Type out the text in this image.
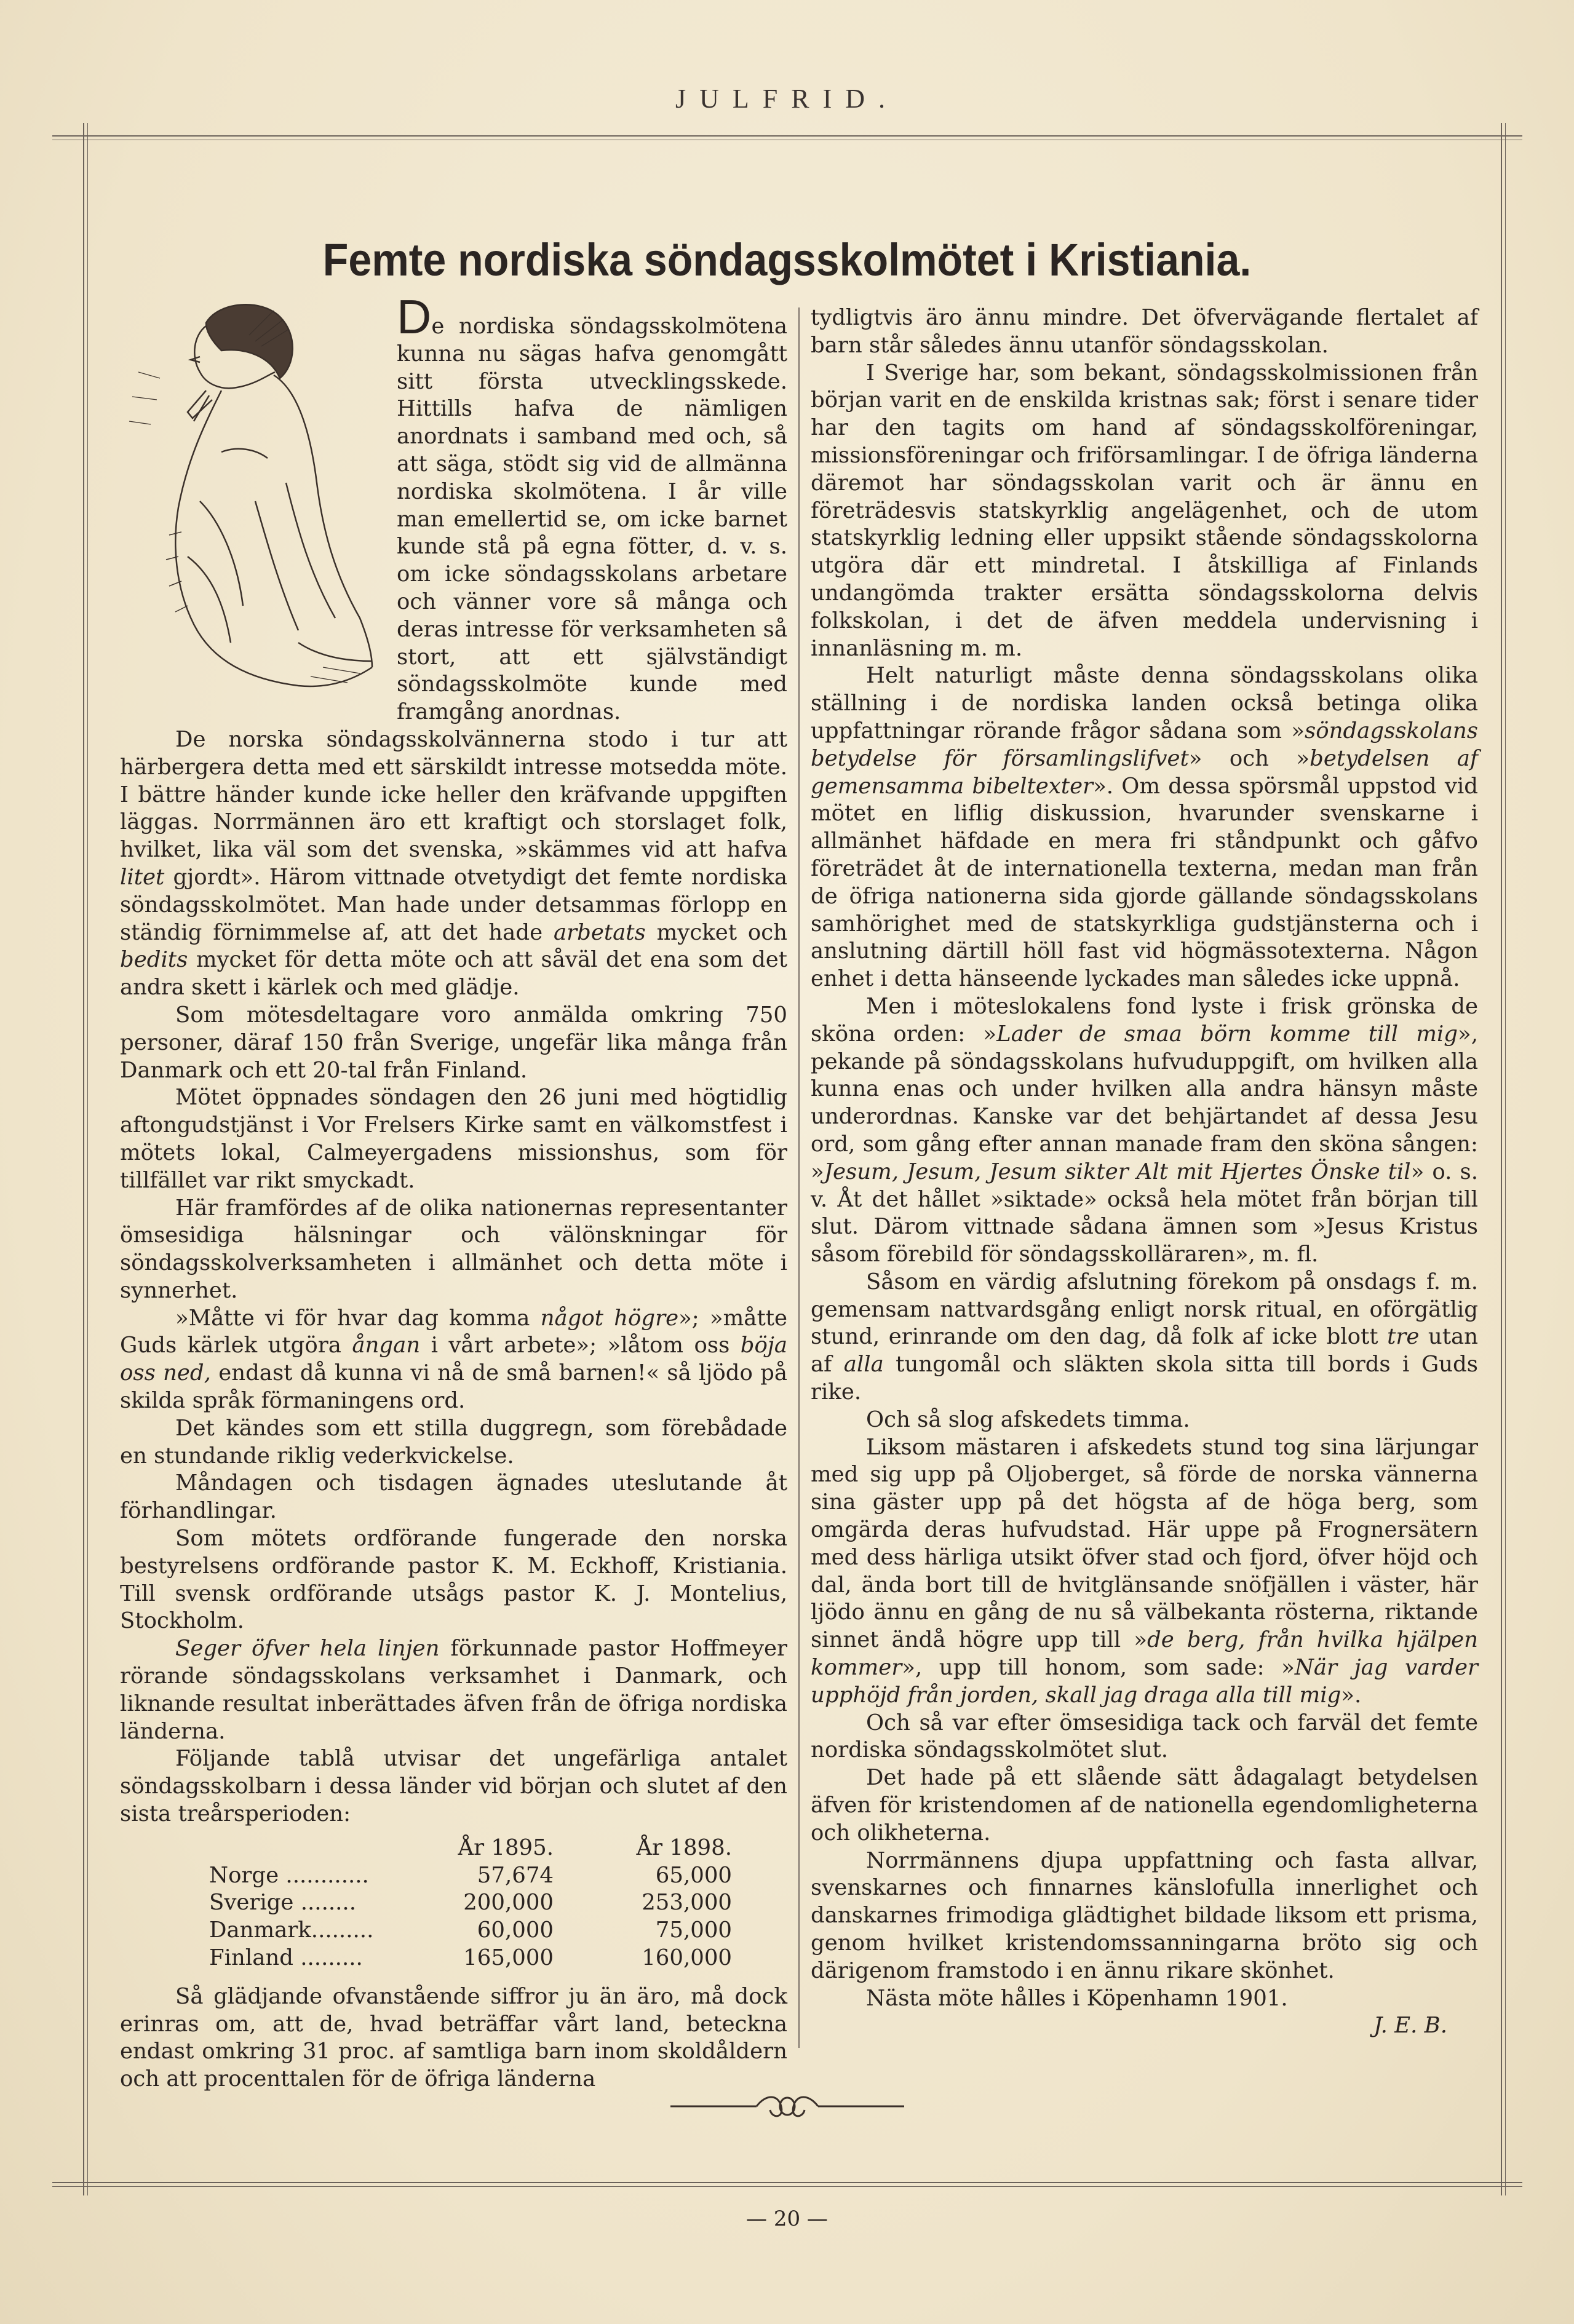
JULFRID.
Femte nordiska söndagsskolmötet i Kristiania.

De nordiska söndagsskolmötena kunna nu sägas hafva genomgått sitt första utvecklingsskede. Hittills hafva de nämligen anordnats i samband med och, så att säga, stödt sig vid de allmänna nordiska skolmötena. I år ville man emellertid se, om icke barnet kunde stå på egna fötter, d. v. s. om icke söndagsskolans arbetare och vänner vore så många och deras intresse för verksamheten så stort, att ett självständigt söndagsskolmöte kunde med framgång anordnas.

De norska söndagsskolvännerna stodo i tur att härbergera detta med ett särskildt intresse motsedda möte. I bättre händer kunde icke heller den kräfvande uppgiften läggas. Norrmännen äro ett kraftigt och storslaget folk, hvilket, lika väl som det svenska, »skämmes vid att hafva litet gjordt». Härom vittnade otvetydigt det femte nordiska söndagsskolmötet. Man hade under detsammas förlopp en ständig förnimmelse af, att det hade arbetats mycket och bedits mycket för detta möte och att såväl det ena som det andra skett i kärlek och med glädje.

Som mötesdeltagare voro anmälda omkring 750 personer, däraf 150 från Sverige, ungefär lika många från Danmark och ett 20-tal från Finland.

Mötet öppnades söndagen den 26 juni med högtidlig aftongudstjänst i Vor Frelsers Kirke samt en välkomstfest i mötets lokal, Calmeyergadens missionshus, som för tillfället var rikt smyckadt.

Här framfördes af de olika nationernas representanter ömsesidiga hälsningar och välönskningar för söndagsskolverksamheten i allmänhet och detta möte i synnerhet.

»Måtte vi för hvar dag komma något högre»; »måtte Guds kärlek utgöra ångan i vårt arbete»; »låtom oss böja oss ned, endast då kunna vi nå de små barnen!« så ljödo på skilda språk förmaningens ord.

Det kändes som ett stilla duggregn, som förebådade en stundande riklig vederkvickelse.

Måndagen och tisdagen ägnades uteslutande åt förhandlingar.

Som mötets ordförande fungerade den norska bestyrelsens ordförande pastor K. M. Eckhoff, Kristiania. Till svensk ordförande utsågs pastor K. J. Montelius, Stockholm.

Seger öfver hela linjen förkunnade pastor Hoffmeyer rörande söndagsskolans verksamhet i Danmark, och liknande resultat inberättades äfven från de öfriga nordiska länderna.

Följande tablå utvisar det ungefärliga antalet söndagsskolbarn i dessa länder vid början och slutet af den sista treårsperioden:

	År 1895.	År 1898.
Norge ............	57,674	65,000
Sverige ........	200,000	253,000
Danmark.........	60,000	75,000
Finland .........	165,000	160,000

Så glädjande ofvanstående siffror ju än äro, må dock erinras om, att de, hvad beträffar vårt land, betеckna endast omkring 31 proc. af samtliga barn inom skoldåldern och att procenttalen för de öfriga länderna

tydligtvis äro ännu mindre. Det öfvervägande flertalet af barn står således ännu utanför söndagsskolan.

I Sverige har, som bekant, söndagsskolmissionen från början varit en de enskilda kristnas sak; först i senare tider har den tagits om hand af söndagsskolföreningar, missionsföreningar och friförsamlingar. I de öfriga länderna däremot har söndagsskolan varit och är ännu en företrädesvis statskyrklig angelägenhet, och de utom statskyrklig ledning eller uppsikt stående söndagsskolorna utgöra där ett mindretal. I åtskilliga af Finlands undangömda trakter ersätta söndagsskolorna delvis folkskolan, i det de äfven meddela undervisning i innanläsning m. m.

Helt naturligt måste denna söndagsskolans olika ställning i de nordiska landen också betinga olika uppfattningar rörande frågor sådana som »söndagsskolans betydelse för församlingslifvet» och »betydelsen af gemensamma bibeltexter». Om dessa spörsmål uppstod vid mötet en liflig diskussion, hvarunder svenskarne i allmänhet häfdade en mera fri ståndpunkt och gåfvo företrädet åt de internationella texterna, medan man från de öfriga nationerna sida gjorde gällande söndagsskolans samhörighet med de statskyrkliga gudstjänsterna och i anslutning därtill höll fast vid högmässotexterna. Någon enhet i detta hänseende lyckades man således icke uppnå.

Men i möteslokalens fond lyste i frisk grönska de sköna orden: »Lader de smaa börn komme till mig», pekande på söndagsskolans hufvuduppgift, om hvilken alla kunna enas och under hvilken alla andra hänsyn måste underordnas. Kanske var det behjärtandet af dessa Jesu ord, som gång efter annan manade fram den sköna sången: »Jesum, Jesum, Jesum sikter Alt mit Hjertes Önske til» o. s. v. Åt det hållet »siktade» också hela mötet från början till slut. Därom vittnade sådana ämnen som »Jesus Kristus såsom förebild för söndagsskolläraren», m. fl.

Såsom en värdig afslutning förekom på onsdags f. m. gemensam nattvardsgång enligt norsk ritual, en oförgätlig stund, erinrande om den dag, då folk af icke blott tre utan af alla tungomål och släkten skola sitta till bords i Guds rike.

Och så slog afskedets timma.

Liksom mästaren i afskedets stund tog sina lärjungar med sig upp på Oljoberget, så förde de norska vännerna sina gäster upp på det högsta af de höga berg, som omgärda deras hufvudstad. Här uppe på Frognersätern med dess härliga utsikt öfver stad och fjord, öfver höjd och dal, ända bort till de hvitglänsande snöfjällen i väster, här ljödo ännu en gång de nu så välbekanta rösterna, riktande sinnet ändå högre upp till »de berg, från hvilka hjälpen kommer», upp till honom, som sade: »När jag varder upphöjd från jorden, skall jag draga alla till mig».

Och så var efter ömsesidiga tack och farväl det femte nordiska söndagsskolmötet slut.

Det hade på ett slående sätt ådagalagt betydelsen äfven för kristendomen af de nationella egendomligheterna och olikheterna.

Norrmännens djupa uppfattning och fasta allvar, svenskarnes och finnarnes känslofulla innerlighet och danskarnes frimodiga glädtighet bildade liksom ett prisma, genom hvilket kristendomssanningarna bröto sig och därigenom framstodo i en ännu rikare skönhet.

Nästa möte hålles i Köpenhamn 1901.

J. E. B.

— 20 —
